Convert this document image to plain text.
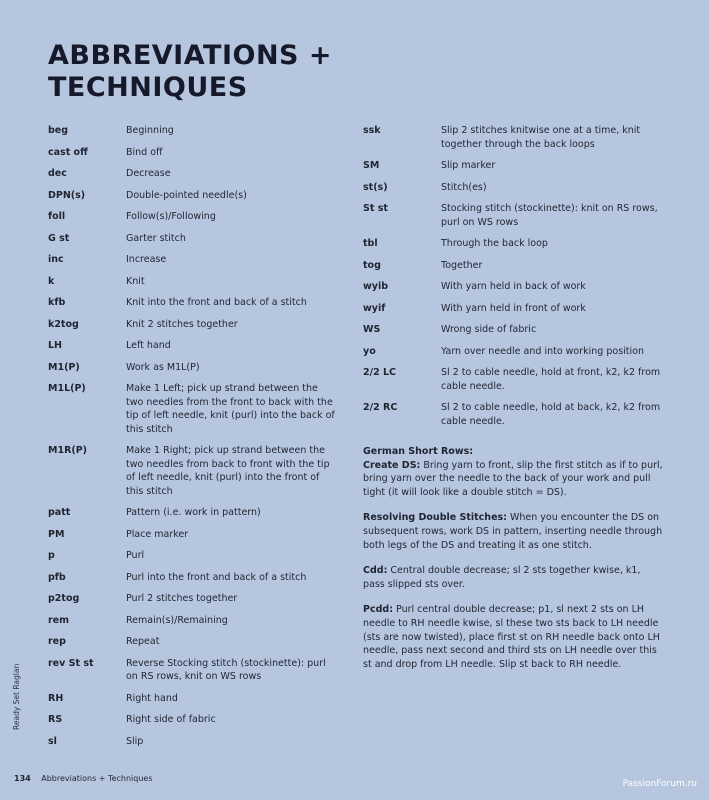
ABBREVIATIONS +
TECHNIQUES
beg	Beginning
cast off	Bind off
dec	Decrease
DPN(s)	Double-pointed needle(s)
foll	Follow(s)/Following
G st	Garter stitch
inc	Increase
k	Knit
kfb	Knit into the front and back of a stitch
k2tog	Knit 2 stitches together
LH	Left hand
M1(P)	Work as M1L(P)
M1L(P)	Make 1 Left; pick up strand between the two needles from the front to back with the tip of left needle, knit (purl) into the back of this stitch
M1R(P)	Make 1 Right; pick up strand between the two needles from back to front with the tip of left needle, knit (purl) into the front of this stitch
patt	Pattern (i.e. work in pattern)
PM	Place marker
p	Purl
pfb	Purl into the front and back of a stitch
p2tog	Purl 2 stitches together
rem	Remain(s)/Remaining
rep	Repeat
rev St st	Reverse Stocking stitch (stockinette): purl on RS rows, knit on WS rows
RH	Right hand
RS	Right side of fabric
sl	Slip
ssk	Slip 2 stitches knitwise one at a time, knit together through the back loops
SM	Slip marker
st(s)	Stitch(es)
St st	Stocking stitch (stockinette): knit on RS rows, purl on WS rows
tbl	Through the back loop
tog	Together
wyib	With yarn held in back of work
wyif	With yarn held in front of work
WS	Wrong side of fabric
yo	Yarn over needle and into working position
2/2 LC	Sl 2 to cable needle, hold at front, k2, k2 from cable needle.
2/2 RC	Sl 2 to cable needle, hold at back, k2, k2 from cable needle.

German Short Rows:
Create DS: Bring yarn to front, slip the first stitch as if to purl, bring yarn over the needle to the back of your work and pull tight (it will look like a double stitch = DS).

Resolving Double Stitches: When you encounter the DS on subsequent rows, work DS in pattern, inserting needle through both legs of the DS and treating it as one stitch.

Cdd: Central double decrease; sl 2 sts together kwise, k1, pass slipped sts over.

Pcdd: Purl central double decrease; p1, sl next 2 sts on LH needle to RH needle kwise, sl these two sts back to LH needle (sts are now twisted), place first st on RH needle back onto LH needle, pass next second and third sts on LH needle over this st and drop from LH needle. Slip st back to RH needle.

Ready Set Raglan
134 Abbreviations + Techniques
PassionForum.ru
